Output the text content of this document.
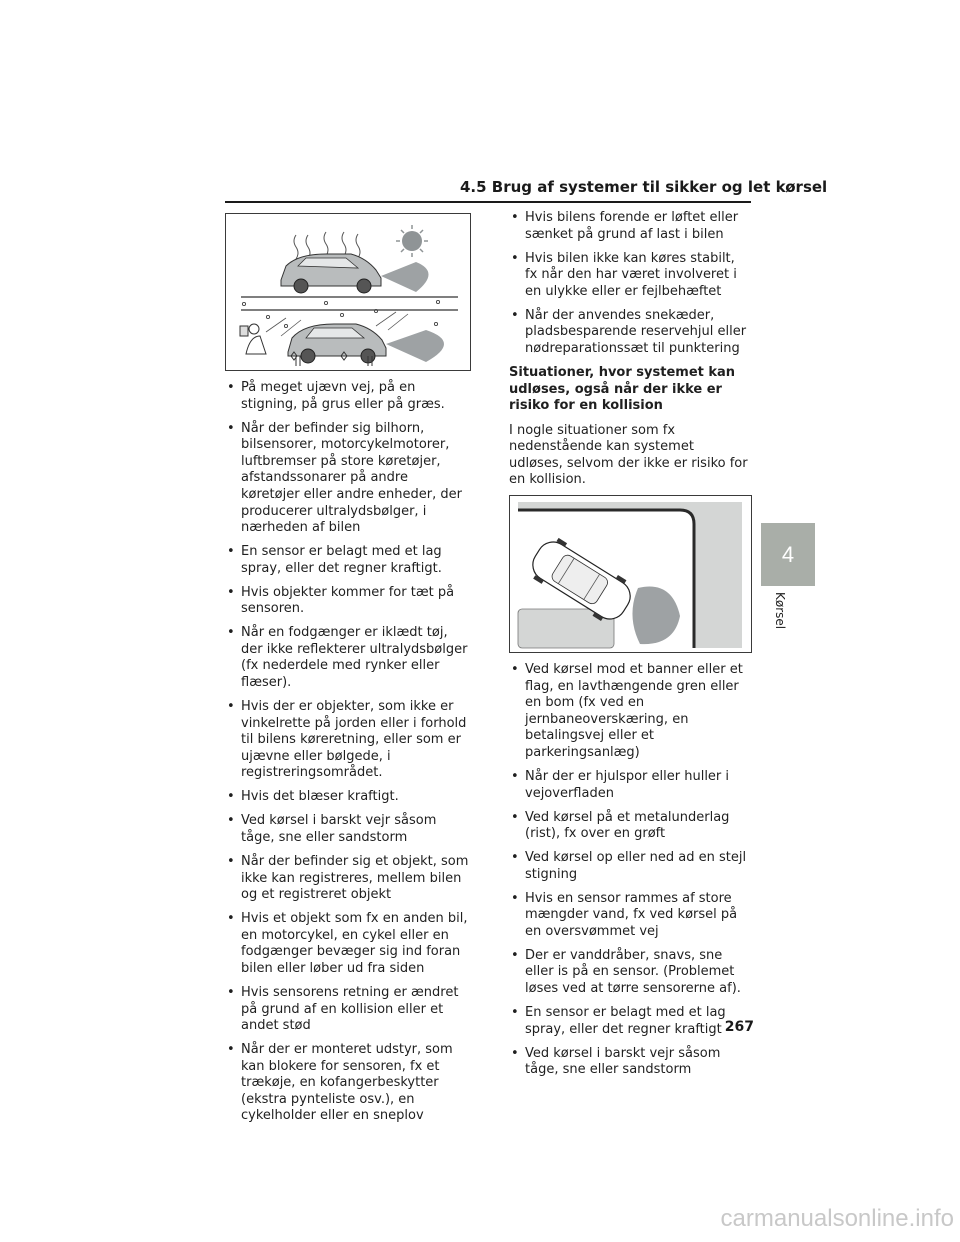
4.5 Brug af systemer til sikker og let kørsel
• På meget ujævn vej, på en stigning, på grus eller på græs.
• Når der befinder sig bilhorn, bilsensorer, motorcykelmotorer, luftbremser på store køretøjer, afstandssonarer på andre køretøjer eller andre enheder, der producerer ultralydsbølger, i nærheden af bilen
• En sensor er belagt med et lag spray, eller det regner kraftigt.
• Hvis objekter kommer for tæt på sensoren.
• Når en fodgænger er iklædt tøj, der ikke reflekterer ultralydsbølger (fx nederdele med rynker eller flæser).
• Hvis der er objekter, som ikke er vinkelrette på jorden eller i forhold til bilens køreretning, eller som er ujævne eller bølgede, i registreringsområdet.
• Hvis det blæser kraftigt.
• Ved kørsel i barskt vejr såsom tåge, sne eller sandstorm
• Når der befinder sig et objekt, som ikke kan registreres, mellem bilen og et registreret objekt
• Hvis et objekt som fx en anden bil, en motorcykel, en cykel eller en fodgænger bevæger sig ind foran bilen eller løber ud fra siden
• Hvis sensorens retning er ændret på grund af en kollision eller et andet stød
• Når der er monteret udstyr, som kan blokere for sensoren, fx et trækøje, en kofangerbeskytter (ekstra pynteliste osv.), en cykelholder eller en sneplov
• Hvis bilens forende er løftet eller sænket på grund af last i bilen
• Hvis bilen ikke kan køres stabilt, fx når den har været involveret i en ulykke eller er fejlbehæftet
• Når der anvendes snekæder, pladsbesparende reservehjul eller nødreparationssæt til punktering
Situationer, hvor systemet kan udløses, også når der ikke er risiko for en kollision
I nogle situationer som fx nedenstående kan systemet udløses, selvom der ikke er risiko for en kollision.
•
• Ved kørsel mod et banner eller et flag, en lavthængende gren eller en bom (fx ved en jernbaneoverskæring, en betalingsvej eller et parkeringsanlæg)
• Når der er hjulspor eller huller i vejoverfladen
• Ved kørsel på et metalunderlag (rist), fx over en grøft
• Ved kørsel op eller ned ad en stejl stigning
• Hvis en sensor rammes af store mængder vand, fx ved kørsel på en oversvømmet vej
• Der er vanddråber, snavs, sne eller is på en sensor. (Problemet løses ved at tørre sensorerne af).
• En sensor er belagt med et lag spray, eller det regner kraftigt
• Ved kørsel i barskt vejr såsom tåge, sne eller sandstorm
4
Kørsel
267
carmanualsonline.info
